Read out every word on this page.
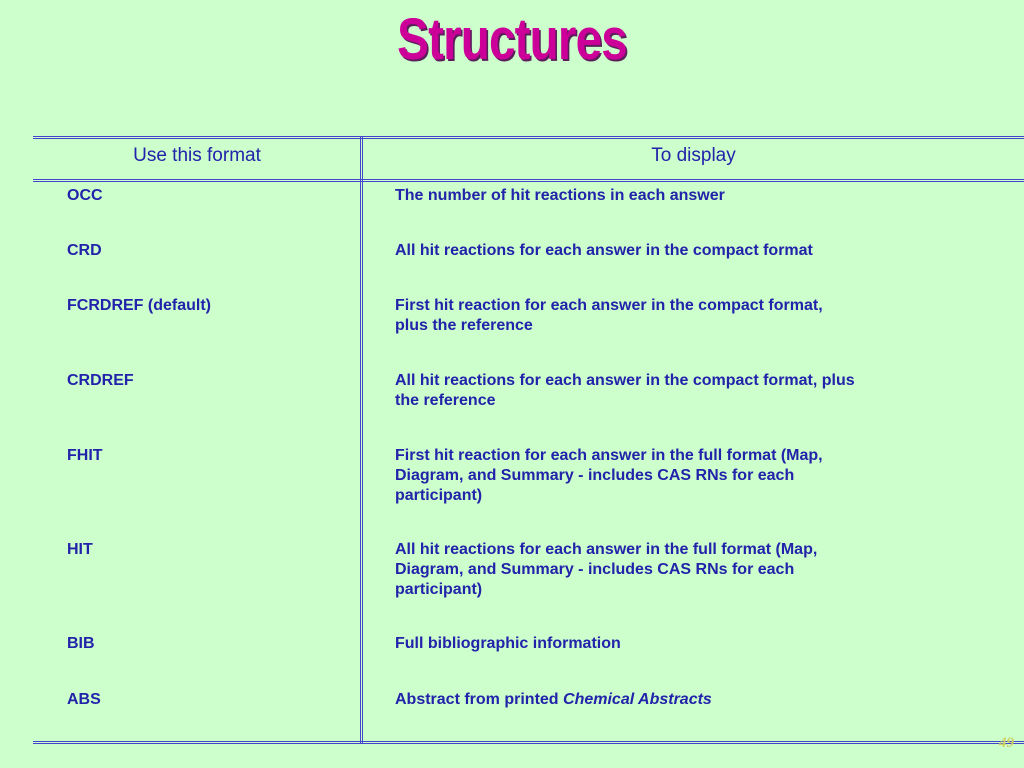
Structures
Use this format	To display
OCC	The number of hit reactions in each answer
CRD	All hit reactions for each answer in the compact format
FCRDREF (default)	First hit reaction for each answer in the compact format,
plus the reference
CRDREF	All hit reactions for each answer in the compact format, plus
the reference
FHIT	First hit reaction for each answer in the full format (Map,
Diagram, and Summary - includes CAS RNs for each
participant)
HIT	All hit reactions for each answer in the full format (Map,
Diagram, and Summary - includes CAS RNs for each
participant)
BIB	Full bibliographic information
ABS	Abstract from printed Chemical Abstracts
49
